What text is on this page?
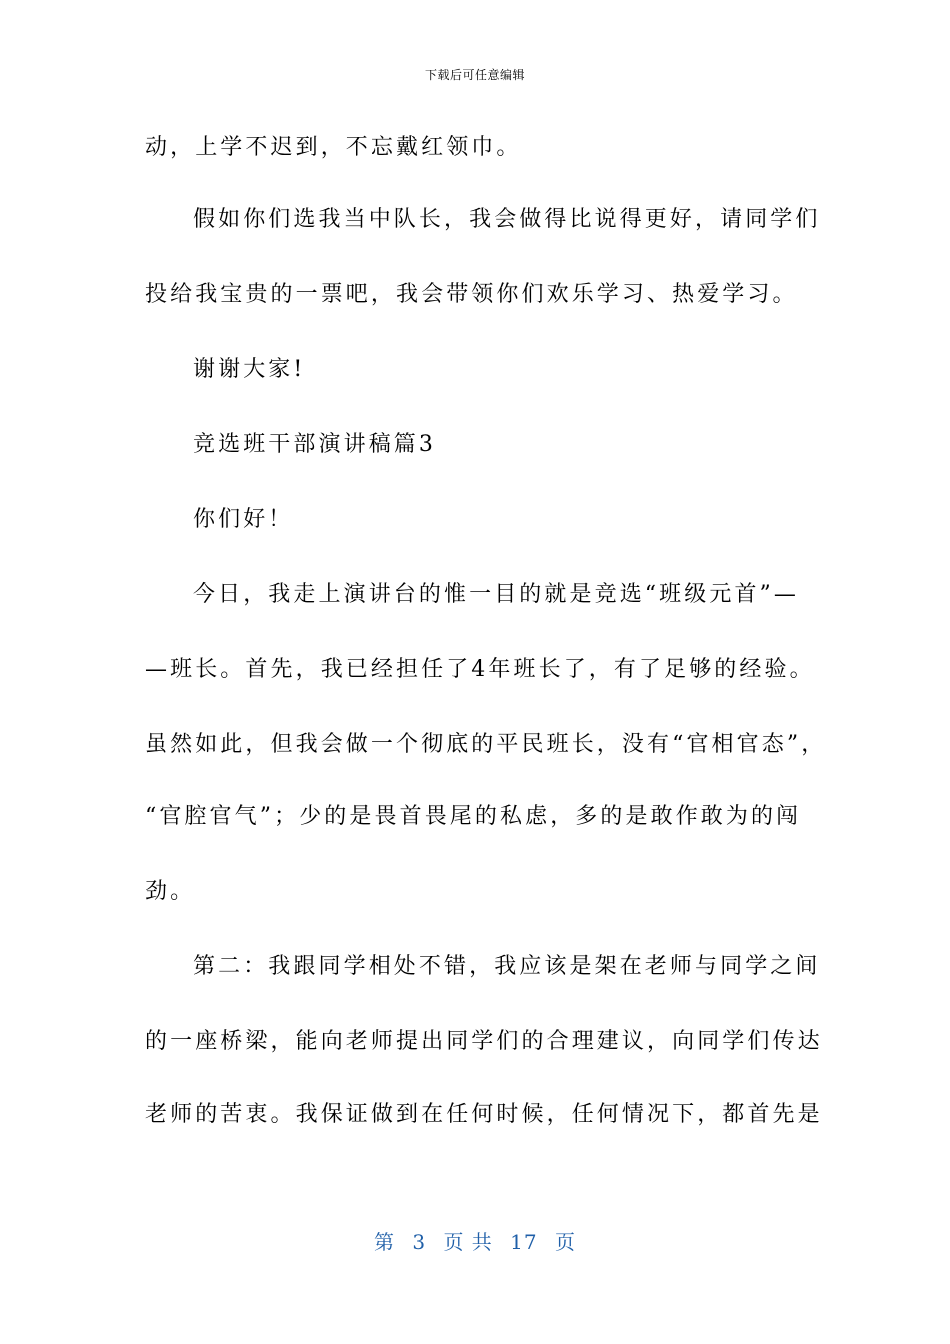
下载后可任意编辑
动，上学不迟到，不忘戴红领巾。
假如你们选我当中队长，我会做得比说得更好，请同学们
投给我宝贵的一票吧，我会带领你们欢乐学习、热爱学习。
谢谢大家!
竞选班干部演讲稿篇3
你们好！
今日，我走上演讲台的惟一目的就是竞选“班级元首”—
—班长。首先，我已经担任了4年班长了，有了足够的经验。
虽然如此，但我会做一个彻底的平民班长，没有“官相官态”，
“官腔官气”；少的是畏首畏尾的私虑，多的是敢作敢为的闯
劲。
第二：我跟同学相处不错，我应该是架在老师与同学之间
的一座桥梁，能向老师提出同学们的合理建议，向同学们传达
老师的苦衷。我保证做到在任何时候，任何情况下，都首先是
第 3 页 共 17 页
